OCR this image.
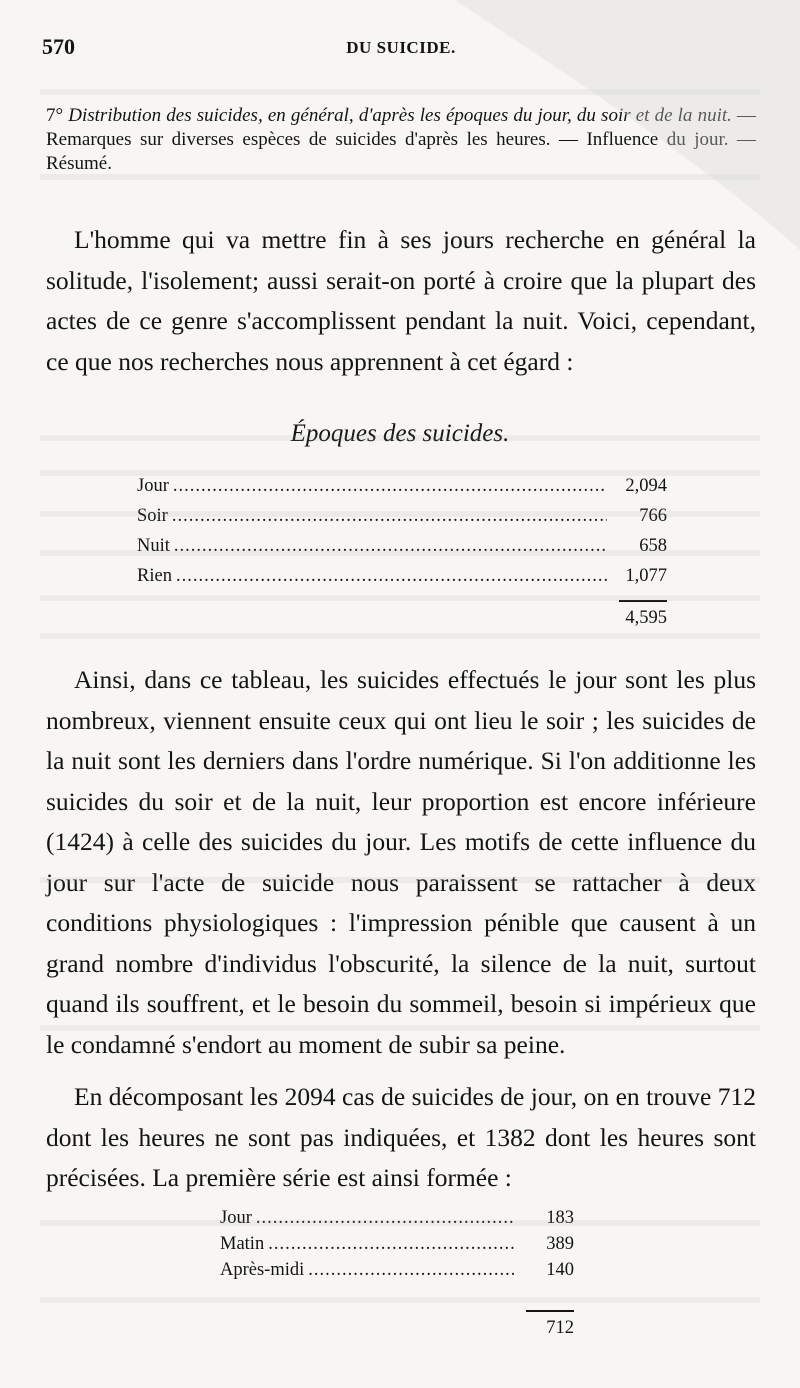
570	DU SUICIDE.
7° Distribution des suicides, en général, d'après les époques du jour, du soir et de la nuit. — Remarques sur diverses espèces de suicides d'après les heures. — Influence du jour. — Résumé.
L'homme qui va mettre fin à ses jours recherche en général la solitude, l'isolement; aussi serait-on porté à croire que la plupart des actes de ce genre s'accomplissent pendant la nuit. Voici, cependant, ce que nos recherches nous apprennent à cet égard :
Époques des suicides.
Jour .....	2,094
Soir .....	766
Nuit .....	658
Rien .....	1,077
4,595
Ainsi, dans ce tableau, les suicides effectués le jour sont les plus nombreux, viennent ensuite ceux qui ont lieu le soir ; les suicides de la nuit sont les derniers dans l'ordre numérique. Si l'on additionne les suicides du soir et de la nuit, leur proportion est encore inférieure (1424) à celle des suicides du jour. Les motifs de cette influence du jour sur l'acte de suicide nous paraissent se rattacher à deux conditions physiologiques : l'impression pénible que causent à un grand nombre d'individus l'obscurité, la silence de la nuit, surtout quand ils souffrent, et le besoin du sommeil, besoin si impérieux que le condamné s'endort au moment de subir sa peine.
En décomposant les 2094 cas de suicides de jour, on en trouve 712 dont les heures ne sont pas indiquées, et 1382 dont les heures sont précisées. La première série est ainsi formée :
Jour .....	183
Matin .....	389
Après-midi .....	140
712
